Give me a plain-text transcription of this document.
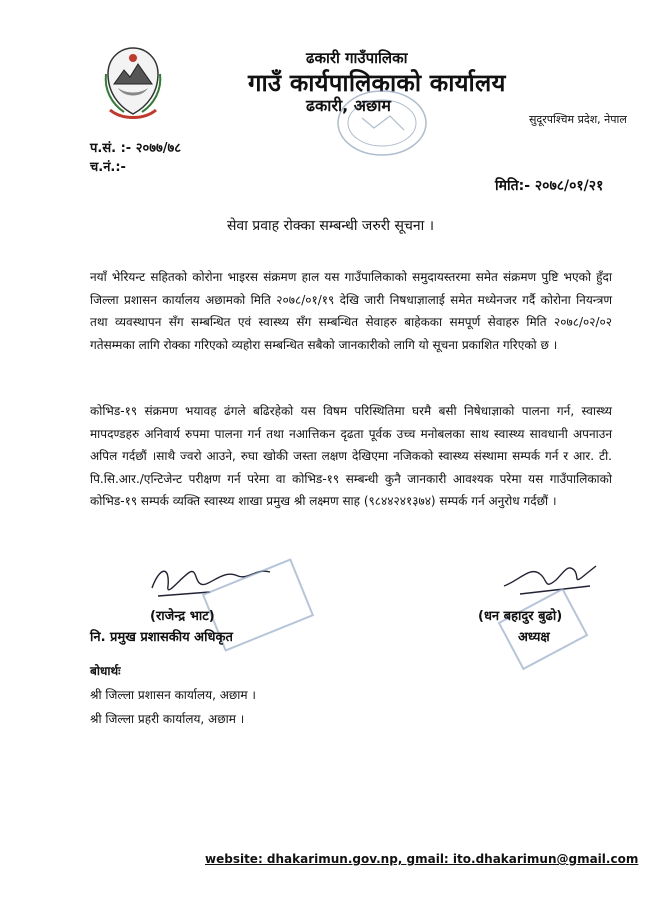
ढकारी गाउँपालिका
गाउँ कार्यपालिकाको कार्यालय
ढकारी, अछाम
सुदूरपश्चिम प्रदेश, नेपाल
प.सं. :- २०७७/७८
च.नं.:-
मिति:- २०७८/०१/२१
सेवा प्रवाह रोक्का सम्बन्धी जरुरी सूचना ।

नयाँ भेरियन्ट सहितको कोरोना भाइरस संक्रमण हाल यस गाउँपालिकाको समुदायस्तरमा समेत संक्रमण पुष्टि भएको हुँदा जिल्ला प्रशासन कार्यालय अछामको मिति २०७८/०१/१९ देखि जारी निषधाज्ञालाई समेत मध्येनजर गर्दै कोरोना नियन्त्रण तथा व्यवस्थापन सँग सम्बन्धित एवं स्वास्थ्य सँग सम्बन्धित सेवाहरु बाहेकका समपूर्ण सेवाहरु मिति २०७८/०२/०२ गतेसम्मका लागि रोक्का गरिएको व्यहोरा सम्बन्धित सबैको जानकारीको लागि यो सूचना प्रकाशित गरिएको छ ।

कोभिड-१९ संक्रमण भयावह ढंगले बढिरहेको यस विषम परिस्थितिमा घरमै बसी निषेधाज्ञाको पालना गर्न, स्वास्थ्य मापदण्डहरु अनिवार्य रुपमा पालना गर्न तथा नआत्तिकन दृढता पूर्वक उच्च मनोबलका साथ स्वास्थ्य सावधानी अपनाउन अपिल गर्दछौं ।साथै ज्वरो आउने, रुघा खोकी जस्ता लक्षण देखिएमा नजिकको स्वास्थ्य संस्थामा सम्पर्क गर्न र आर. टी. पि.सि.आर./एन्टिजेन्ट परीक्षण गर्न परेमा वा कोभिड-१९ सम्बन्धी कुनै जानकारी आवश्यक परेमा यस गाउँपालिकाको कोभिड-१९ सम्पर्क व्यक्ति स्वास्थ्य शाखा प्रमुख श्री लक्ष्मण साह (९८४४२४१३७४) सम्पर्क गर्न अनुरोध गर्दछौं ।

(राजेन्द्र भाट)
नि. प्रमुख प्रशासकीय अधिकृत
(धन बहादुर बुढो)
अध्यक्ष
बोधार्थः
श्री जिल्ला प्रशासन कार्यालय, अछाम ।
श्री जिल्ला प्रहरी कार्यालय, अछाम ।
website: dhakarimun.gov.np, gmail: ito.dhakarimun@gmail.com
